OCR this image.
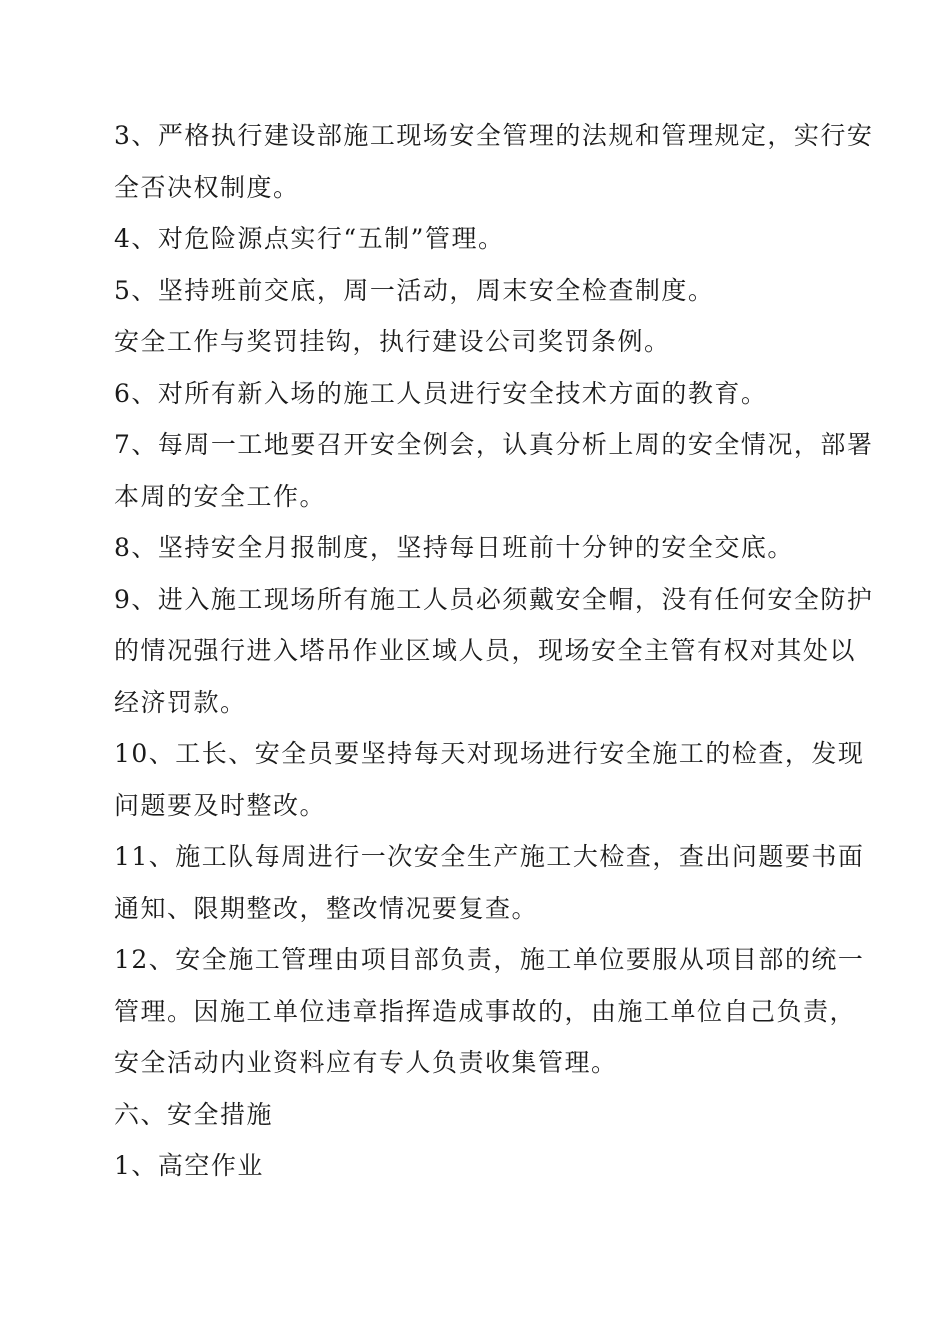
3、严格执行建设部施工现场安全管理的法规和管理规定，实行安
全否决权制度。
4、对危险源点实行“五制”管理。
5、坚持班前交底，周一活动，周末安全检查制度。
安全工作与奖罚挂钩，执行建设公司奖罚条例。
6、对所有新入场的施工人员进行安全技术方面的教育。
7、每周一工地要召开安全例会，认真分析上周的安全情况，部署
本周的安全工作。
8、坚持安全月报制度，坚持每日班前十分钟的安全交底。
9、进入施工现场所有施工人员必须戴安全帽，没有任何安全防护
的情况强行进入塔吊作业区域人员，现场安全主管有权对其处以
经济罚款。
10、工长、安全员要坚持每天对现场进行安全施工的检查，发现
问题要及时整改。
11、施工队每周进行一次安全生产施工大检查，查出问题要书面
通知、限期整改，整改情况要复查。
12、安全施工管理由项目部负责，施工单位要服从项目部的统一
管理。因施工单位违章指挥造成事故的，由施工单位自己负责，
安全活动内业资料应有专人负责收集管理。
六、安全措施
1、高空作业
